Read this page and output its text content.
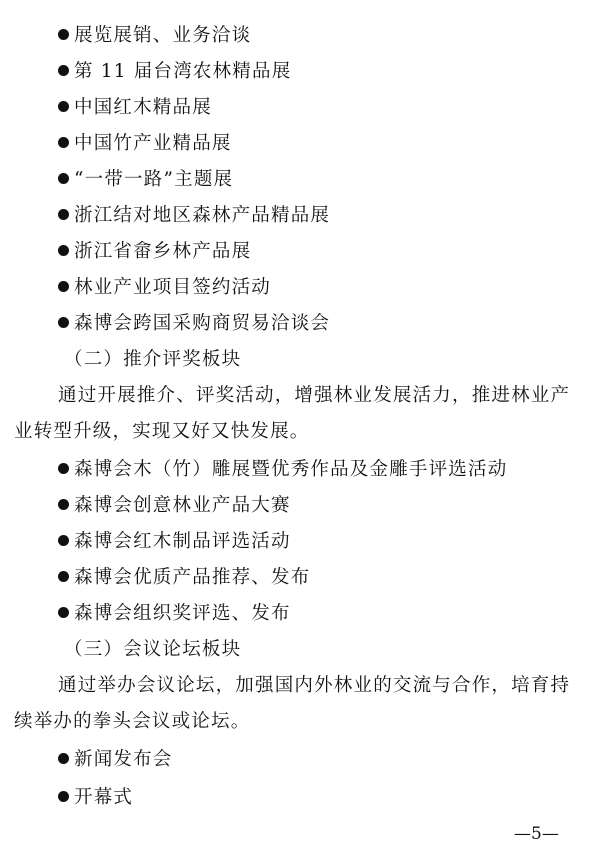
展览展销、业务洽谈
第 11 届台湾农林精品展
中国红木精品展
中国竹产业精品展
“一带一路”主题展
浙江结对地区森林产品精品展
浙江省畲乡林产品展
林业产业项目签约活动
森博会跨国采购商贸易洽谈会
（二）推介评奖板块
通过开展推介、评奖活动，增强林业发展活力，推进林业产
业转型升级，实现又好又快发展。
森博会木（竹）雕展暨优秀作品及金雕手评选活动
森博会创意林业产品大赛
森博会红木制品评选活动
森博会优质产品推荐、发布
森博会组织奖评选、发布
（三）会议论坛板块
通过举办会议论坛，加强国内外林业的交流与合作，培育持
续举办的拳头会议或论坛。
新闻发布会
开幕式
—5—
